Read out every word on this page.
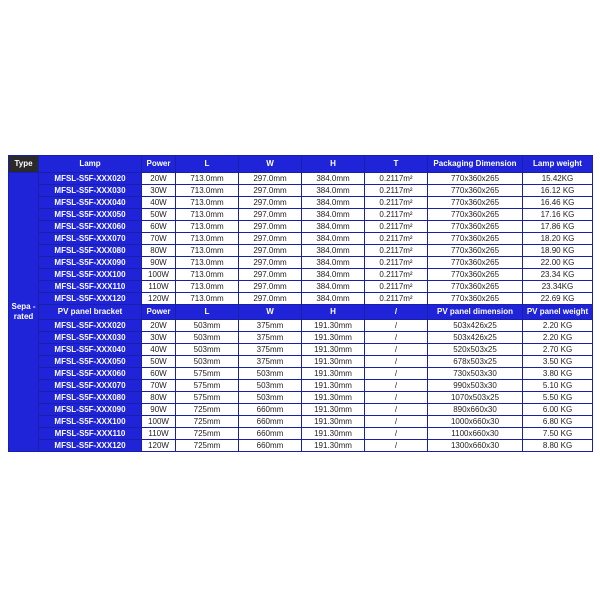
Type	Lamp	Power	L	W	H	T	Packaging Dimension	Lamp weight
Sepa -rated	MFSL-S5F-XXX020	20W	713.0mm	297.0mm	384.0mm	0.2117m²	770x360x265	15.42KG
	MFSL-S5F-XXX030	30W	713.0mm	297.0mm	384.0mm	0.2117m²	770x360x265	16.12 KG
	MFSL-S5F-XXX040	40W	713.0mm	297.0mm	384.0mm	0.2117m²	770x360x265	16.46 KG
	MFSL-S5F-XXX050	50W	713.0mm	297.0mm	384.0mm	0.2117m²	770x360x265	17.16 KG
	MFSL-S5F-XXX060	60W	713.0mm	297.0mm	384.0mm	0.2117m²	770x360x265	17.86 KG
	MFSL-S5F-XXX070	70W	713.0mm	297.0mm	384.0mm	0.2117m²	770x360x265	18.20 KG
	MFSL-S5F-XXX080	80W	713.0mm	297.0mm	384.0mm	0.2117m²	770x360x265	18.90 KG
	MFSL-S5F-XXX090	90W	713.0mm	297.0mm	384.0mm	0.2117m²	770x360x265	22.00 KG
	MFSL-S5F-XXX100	100W	713.0mm	297.0mm	384.0mm	0.2117m²	770x360x265	23.34 KG
	MFSL-S5F-XXX110	110W	713.0mm	297.0mm	384.0mm	0.2117m²	770x360x265	23.34KG
	MFSL-S5F-XXX120	120W	713.0mm	297.0mm	384.0mm	0.2117m²	770x360x265	22.69 KG
	PV panel bracket	Power	L	W	H	/	PV panel dimension	PV panel weight
	MFSL-S5F-XXX020	20W	503mm	375mm	191.30mm	/	503x426x25	2.20 KG
	MFSL-S5F-XXX030	30W	503mm	375mm	191.30mm	/	503x426x25	2.20 KG
	MFSL-S5F-XXX040	40W	503mm	375mm	191.30mm	/	520x503x25	2.70 KG
	MFSL-S5F-XXX050	50W	503mm	375mm	191.30mm	/	678x503x25	3.50 KG
	MFSL-S5F-XXX060	60W	575mm	503mm	191.30mm	/	730x503x30	3.80 KG
	MFSL-S5F-XXX070	70W	575mm	503mm	191.30mm	/	990x503x30	5.10 KG
	MFSL-S5F-XXX080	80W	575mm	503mm	191.30mm	/	1070x503x25	5.50 KG
	MFSL-S5F-XXX090	90W	725mm	660mm	191.30mm	/	890x660x30	6.00 KG
	MFSL-S5F-XXX100	100W	725mm	660mm	191.30mm	/	1000x660x30	6.80 KG
	MFSL-S5F-XXX110	110W	725mm	660mm	191.30mm	/	1100x660x30	7.50 KG
	MFSL-S5F-XXX120	120W	725mm	660mm	191.30mm	/	1300x660x30	8.80 KG
